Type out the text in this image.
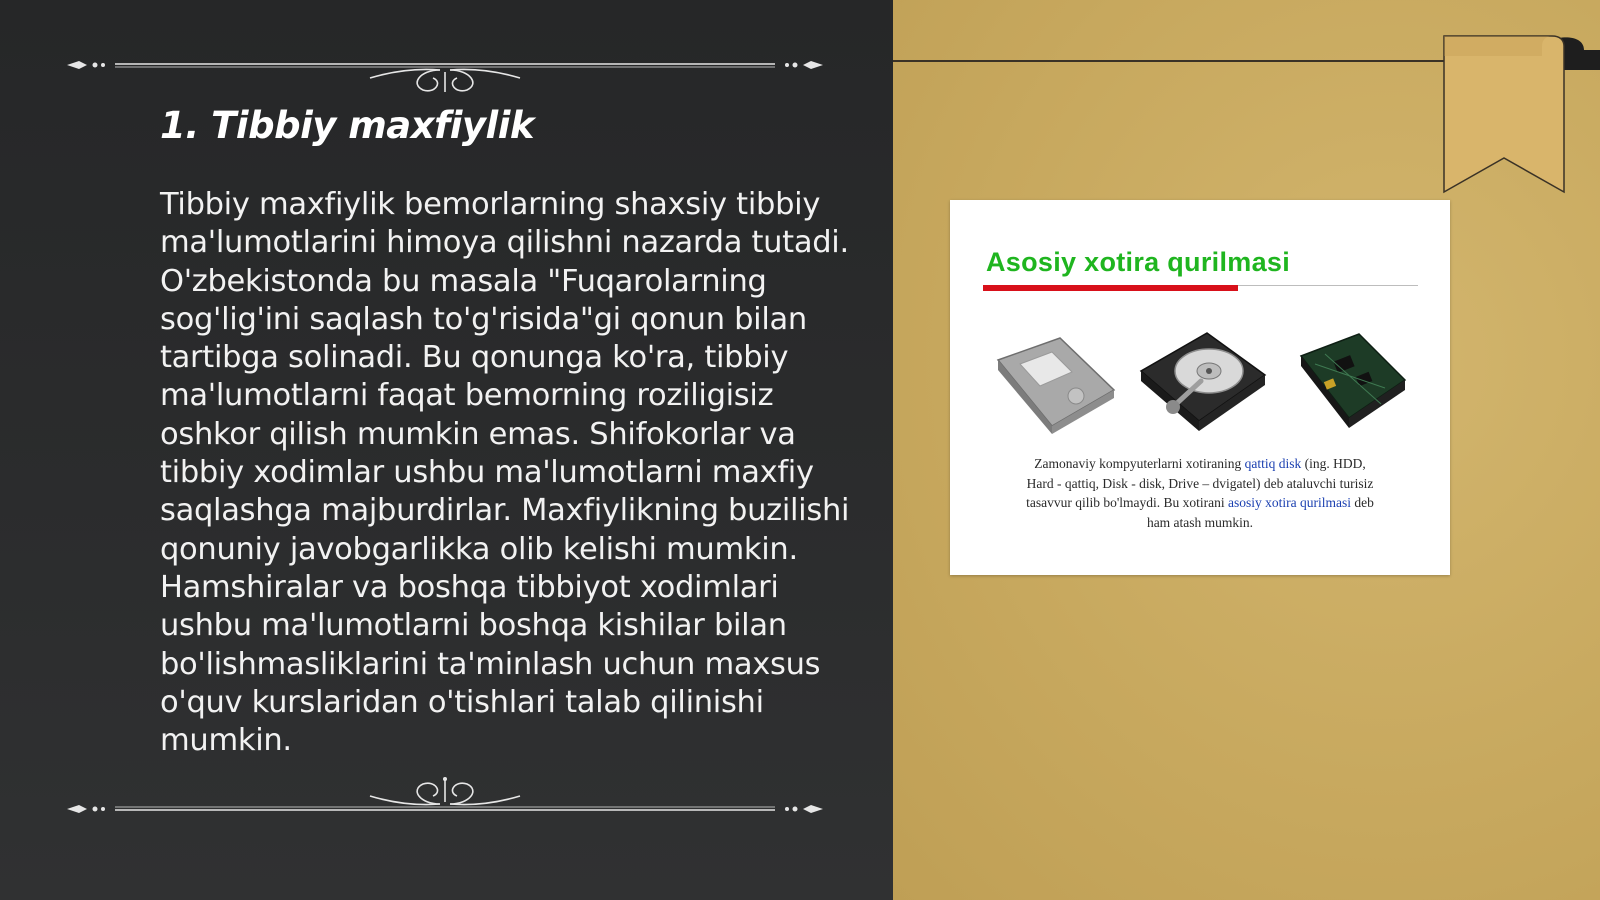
1. Tibbiy maxfiylik

Tibbiy maxfiylik bemorlarning shaxsiy tibbiy ma'lumotlarini himoya qilishni nazarda tutadi. O'zbekistonda bu masala "Fuqarolarning sog'lig'ini saqlash to'g'risida"gi qonun bilan tartibga solinadi. Bu qonunga ko'ra, tibbiy ma'lumotlarni faqat bemorning roziligisiz oshkor qilish mumkin emas. Shifokorlar va tibbiy xodimlar ushbu ma'lumotlarni maxfiy saqlashga majburdirlar. Maxfiylikning buzilishi qonuniy javobgarlikka olib kelishi mumkin. Hamshiralar va boshqa tibbiyot xodimlari ushbu ma'lumotlarni boshqa kishilar bilan bo'lishmasliklarini ta'minlash uchun maxsus o'quv kurslaridan o'tishlari talab qilinishi mumkin.

Asosiy xotira qurilmasi

Zamonaviy kompyuterlarni xotiraning qattiq disk (ing. HDD, Hard - qattiq, Disk - disk, Drive – dvigatel) deb ataluvchi turisiz tasavvur qilib bo'lmaydi. Bu xotirani asosiy xotira qurilmasi deb ham atash mumkin.
